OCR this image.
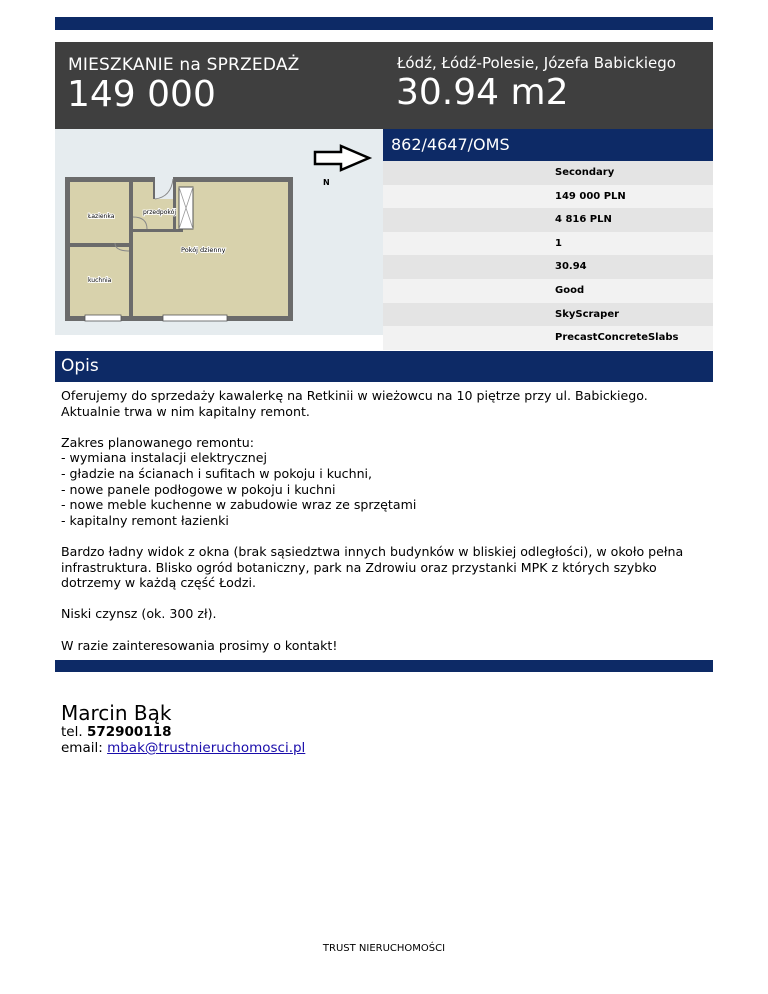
MIESZKANIE na SPRZEDAŻ
149 000
Łódź, Łódź-Polesie, Józefa Babickiego
30.94 m2
N
Łazienka
przedpokój
Pokój dzienny
kuchnia
862/4647/OMS
Secondary
149 000 PLN
4 816 PLN
1
30.94
Good
SkyScraper
PrecastConcreteSlabs
Opis

Oferujemy do sprzedaży kawalerkę na Retkinii w wieżowcu na 10 piętrze przy ul. Babickiego.
Aktualnie trwa w nim kapitalny remont.

Zakres planowanego remontu:
- wymiana instalacji elektrycznej
- gładzie na ścianach i sufitach w pokoju i kuchni,
- nowe panele podłogowe w pokoju i kuchni
- nowe meble kuchenne w zabudowie wraz ze sprzętami
- kapitalny remont łazienki

Bardzo ładny widok z okna (brak sąsiedztwa innych budynków w bliskiej odległości), w około pełna
infrastruktura. Blisko ogród botaniczny, park na Zdrowiu oraz przystanki MPK z których szybko
dotrzemy w każdą część Łodzi.

Niski czynsz (ok. 300 zł).

W razie zainteresowania prosimy o kontakt!

Marcin Bąk
tel. 572900118
email: mbak@trustnieruchomosci.pl
TRUST NIERUCHOMOŚCI
